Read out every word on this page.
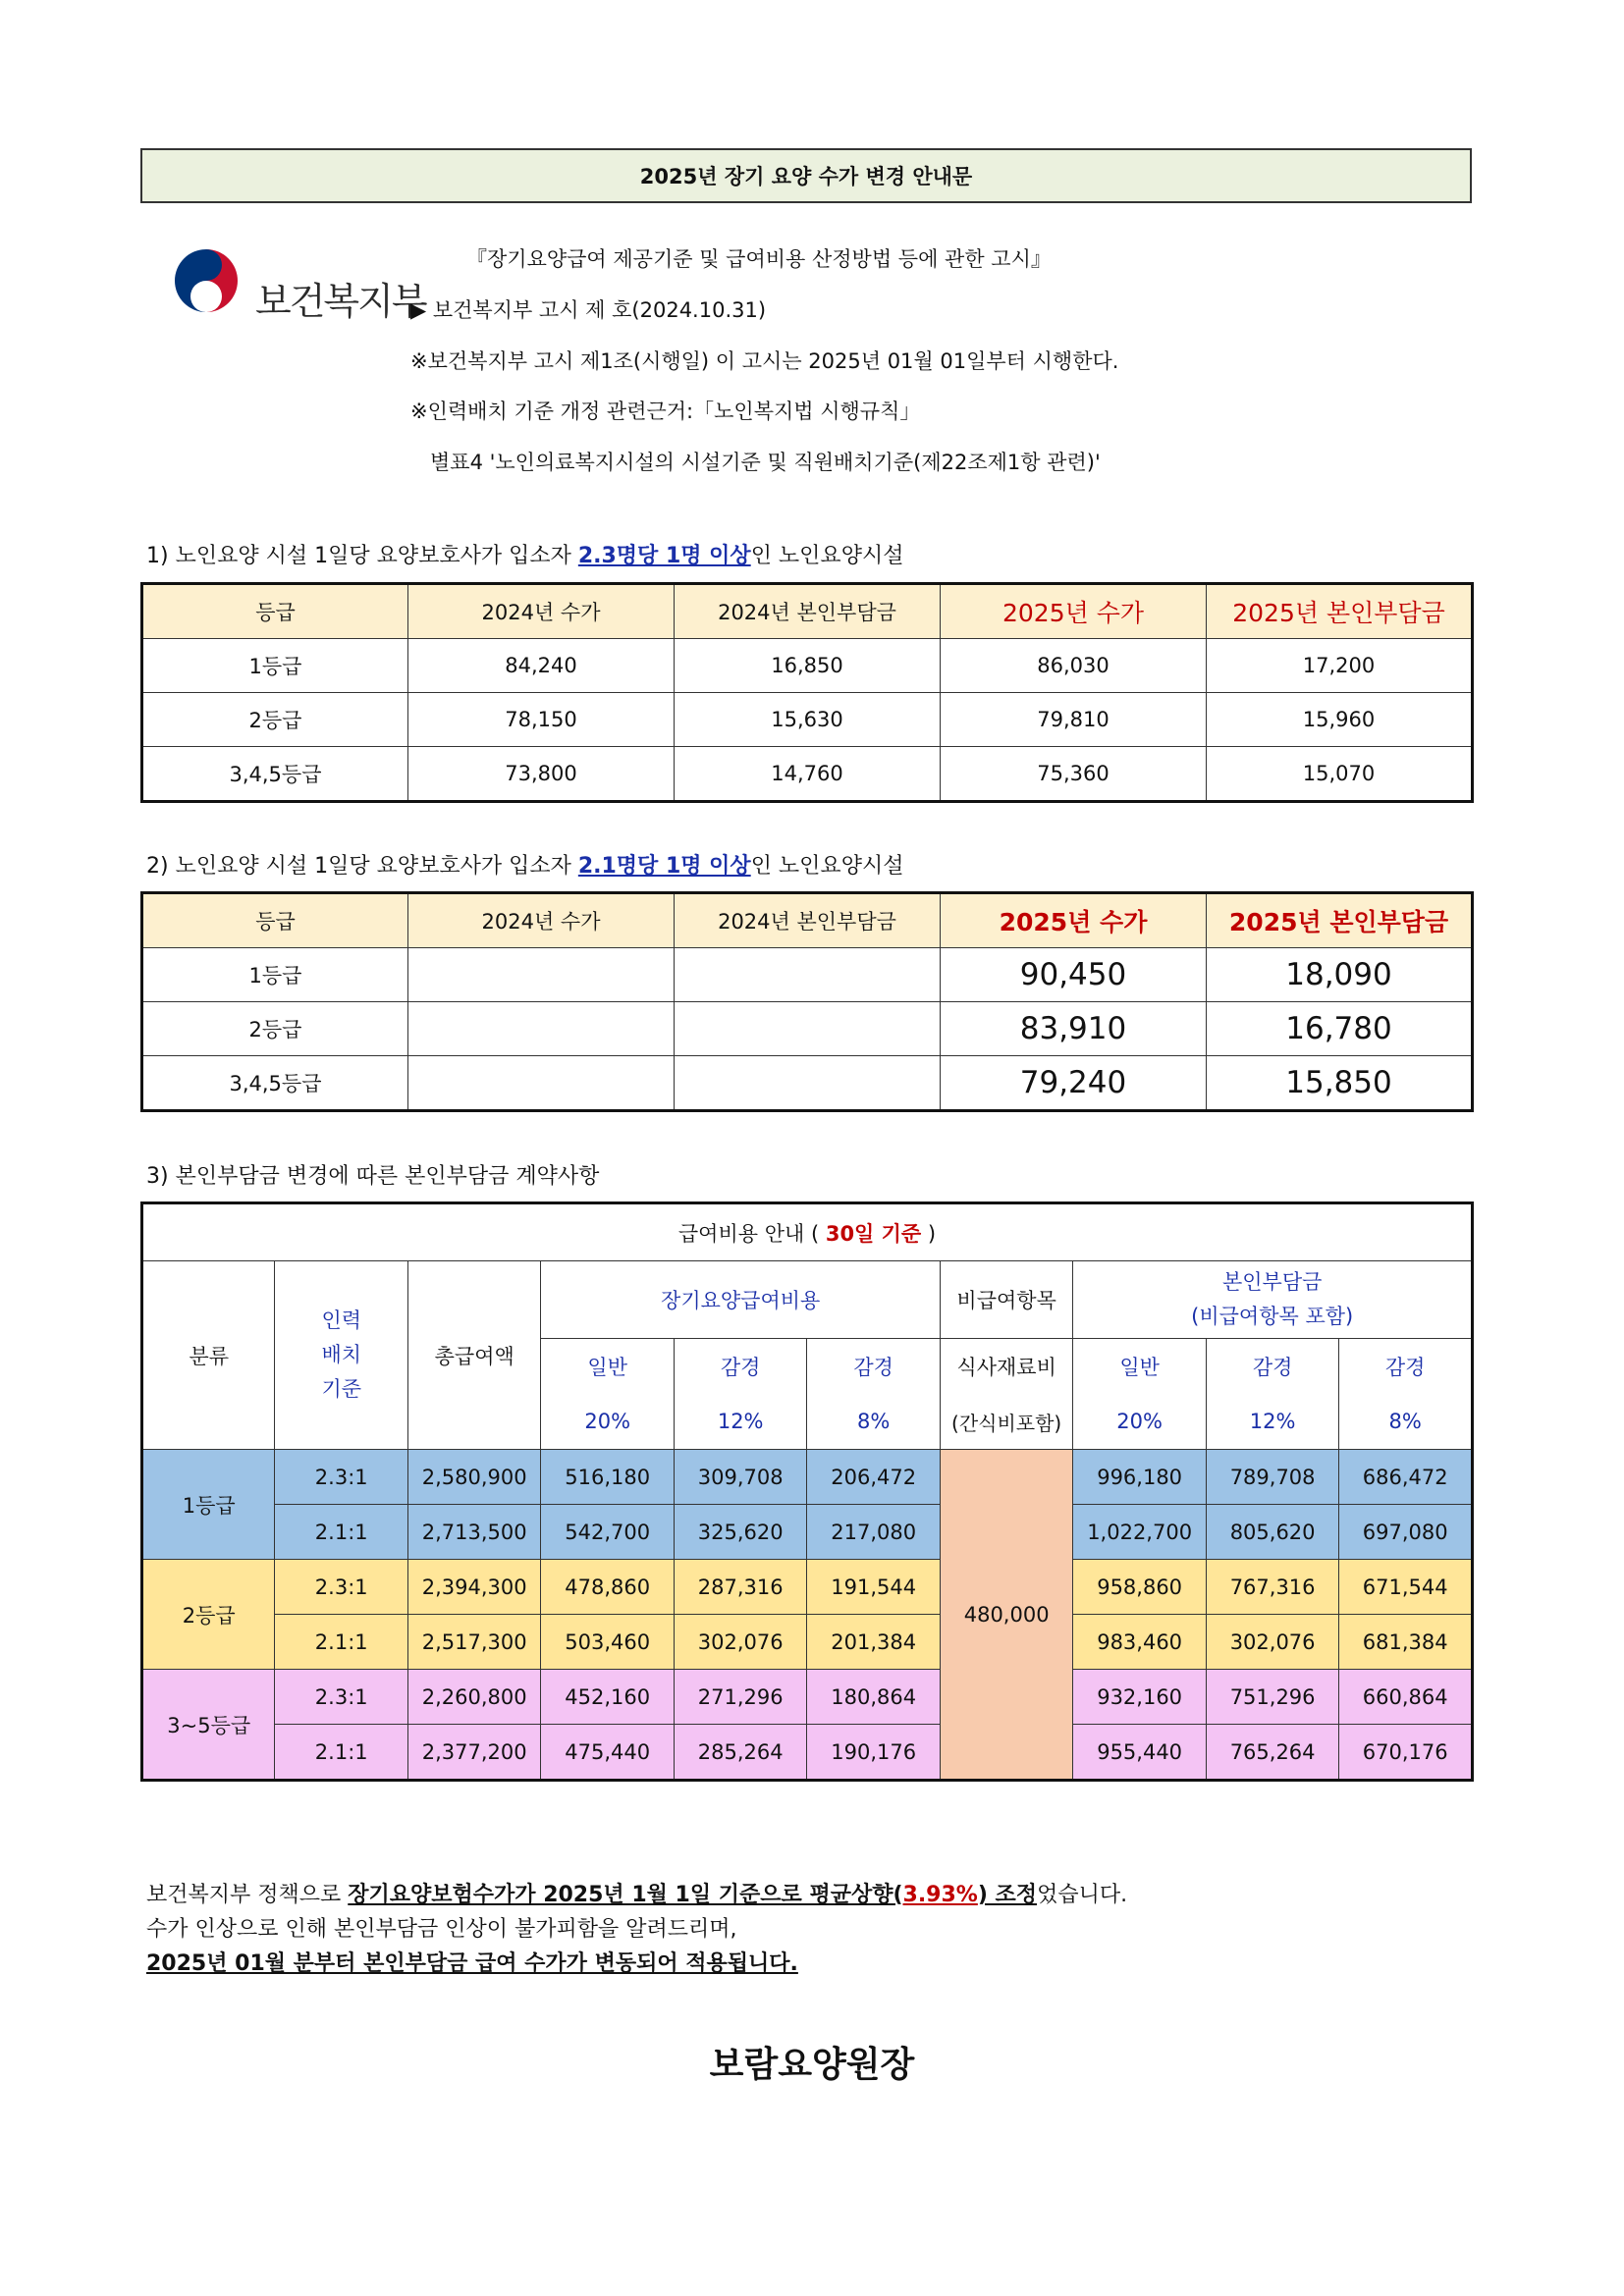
2025년 장기 요양 수가 변경 안내문
보건복지부
『장기요양급여 제공기준 및 급여비용 산정방법 등에 관한 고시』
▶ 보건복지부 고시 제 호(2024.10.31)
※보건복지부 고시 제1조(시행일) 이 고시는 2025년 01월 01일부터 시행한다.
※인력배치 기준 개정 관련근거:「노인복지법 시행규칙」
별표4 '노인의료복지시설의 시설기준 및 직원배치기준(제22조제1항 관련)'
1) 노인요양 시설 1일당 요양보호사가 입소자 2.3명당 1명 이상인 노인요양시설
등급	2024년 수가	2024년 본인부담금	2025년 수가	2025년 본인부담금
1등급	84,240	16,850	86,030	17,200
2등급	78,150	15,630	79,810	15,960
3,4,5등급	73,800	14,760	75,360	15,070
2) 노인요양 시설 1일당 요양보호사가 입소자 2.1명당 1명 이상인 노인요양시설
등급	2024년 수가	2024년 본인부담금	2025년 수가	2025년 본인부담금
1등급			90,450	18,090
2등급			83,910	16,780
3,4,5등급			79,240	15,850
3) 본인부담금 변경에 따른 본인부담금 계약사항
급여비용 안내 ( 30일 기준 )									
분류	인력
배치
기준	총급여액	장기요양급여비용			비급여항목	본인부담금
(비급여항목 포함)		
			일반	감경	감경	식사재료비	일반	감경	감경
			20%	12%	8%	(간식비포함)	20%	12%	8%
1등급	2.3:1	2,580,900	516,180	309,708	206,472	480,000	996,180	789,708	686,472
	2.1:1	2,713,500	542,700	325,620	217,080		1,022,700	805,620	697,080
2등급	2.3:1	2,394,300	478,860	287,316	191,544		958,860	767,316	671,544
	2.1:1	2,517,300	503,460	302,076	201,384		983,460	302,076	681,384
3~5등급	2.3:1	2,260,800	452,160	271,296	180,864		932,160	751,296	660,864
	2.1:1	2,377,200	475,440	285,264	190,176		955,440	765,264	670,176
보건복지부 정책으로 장기요양보험수가가 2025년 1월 1일 기준으로 평균상향(3.93%) 조정었습니다.
수가 인상으로 인해 본인부담금 인상이 불가피함을 알려드리며,
2025년 01월 분부터 본인부담금 급여 수가가 변동되어 적용됩니다.
보람요양원장
